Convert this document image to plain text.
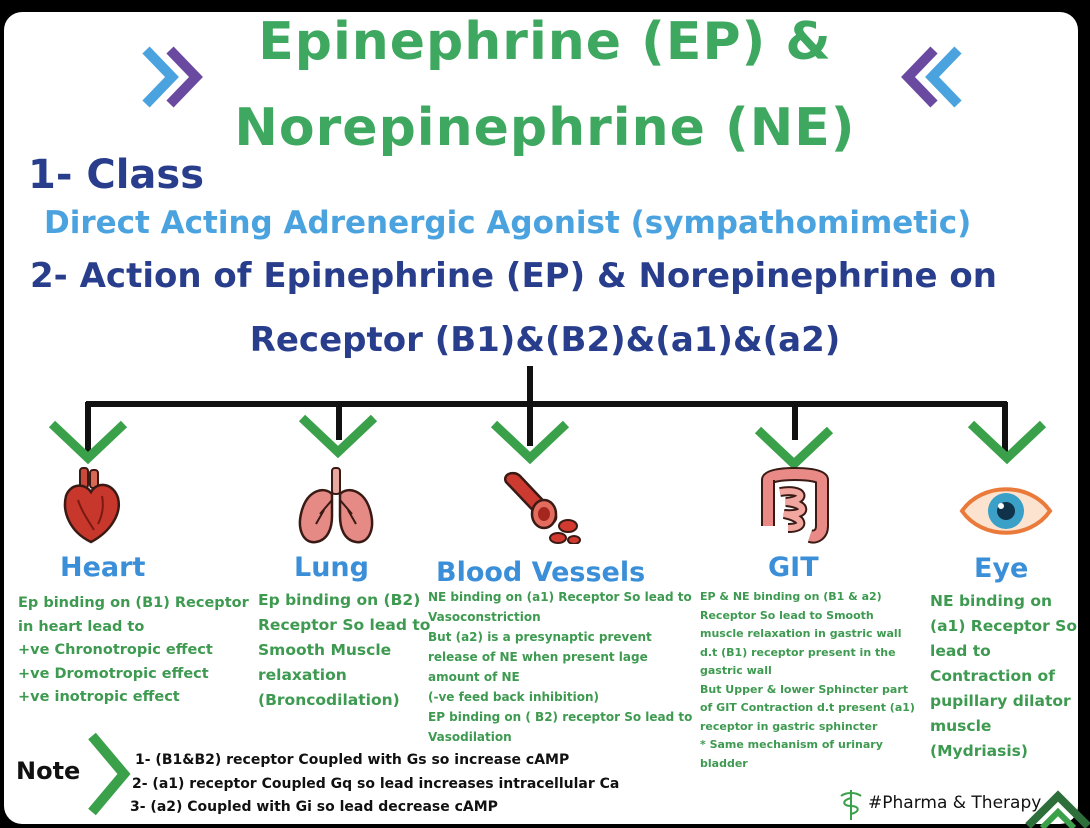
Epinephrine (EP) &
Norepinephrine (NE)
1- Class
Direct Acting Adrenergic Agonist (sympathomimetic)
2- Action of Epinephrine (EP) & Norepinephrine on
Receptor (B1)&(B2)&(a1)&(a2)
Heart	Lung Blood Vessels	GIT	Eye
Ep binding on (B1) Receptor
in heart lead to
+ve Chronotropic effect
+ve Dromotropic effect
+ve inotropic effect
Ep binding on (B2)
Receptor So lead to
Smooth Muscle
relaxation
(Broncodilation)
NE binding on (a1) Receptor So lead to
Vasoconstriction
But (a2) is a presynaptic prevent
release of NE when present lage
amount of NE
(-ve feed back inhibition)
EP binding on ( B2) receptor So lead to
Vasodilation
EP & NE binding on (B1 & a2)
Receptor So lead to Smooth
muscle relaxation in gastric wall
d.t (B1) receptor present in the
gastric wall
But Upper & lower Sphincter part
of GIT Contraction d.t present (a1)
receptor in gastric sphincter
* Same mechanism of urinary
bladder
NE binding on
(a1) Receptor So
lead to
Contraction of
pupillary dilator
muscle
(Mydriasis)
Note	1- (B1&B2) receptor Coupled with Gs so increase cAMP
2- (a1) receptor Coupled Gq so lead increases intracellular Ca
3- (a2) Coupled with Gi so lead decrease cAMP	#Pharma & Therapy
